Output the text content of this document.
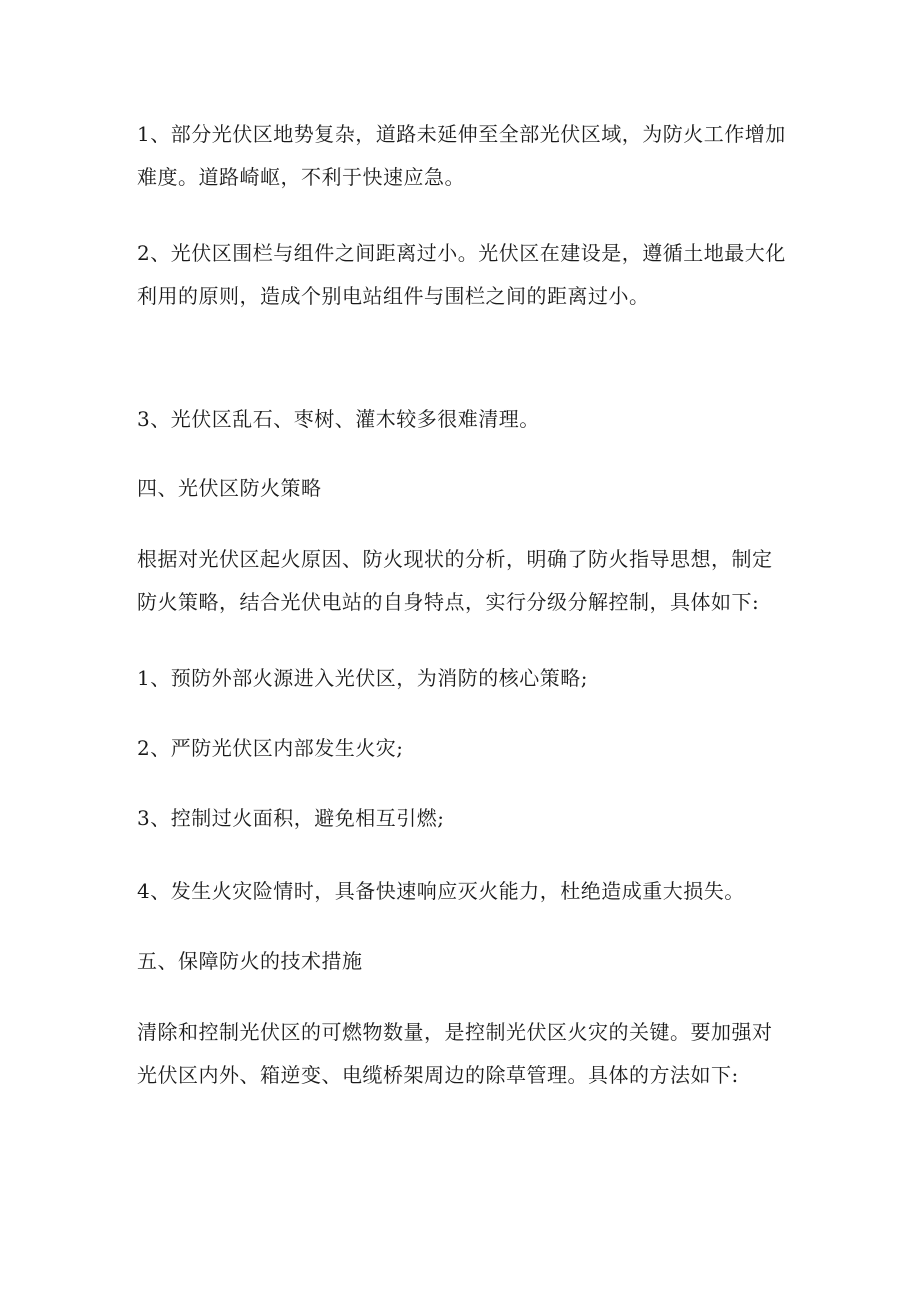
1、部分光伏区地势复杂，道路未延伸至全部光伏区域，为防火工作增加难度。道路崎岖，不利于快速应急。

2、光伏区围栏与组件之间距离过小。光伏区在建设是，遵循土地最大化利用的原则，造成个别电站组件与围栏之间的距离过小。

3、光伏区乱石、枣树、灌木较多很难清理。

四、光伏区防火策略

根据对光伏区起火原因、防火现状的分析，明确了防火指导思想，制定防火策略，结合光伏电站的自身特点，实行分级分解控制，具体如下:

1、预防外部火源进入光伏区，为消防的核心策略;

2、严防光伏区内部发生火灾;

3、控制过火面积，避免相互引燃;

4、发生火灾险情时，具备快速响应灭火能力，杜绝造成重大损失。

五、保障防火的技术措施

清除和控制光伏区的可燃物数量，是控制光伏区火灾的关键。要加强对光伏区内外、箱逆变、电缆桥架周边的除草管理。具体的方法如下:
